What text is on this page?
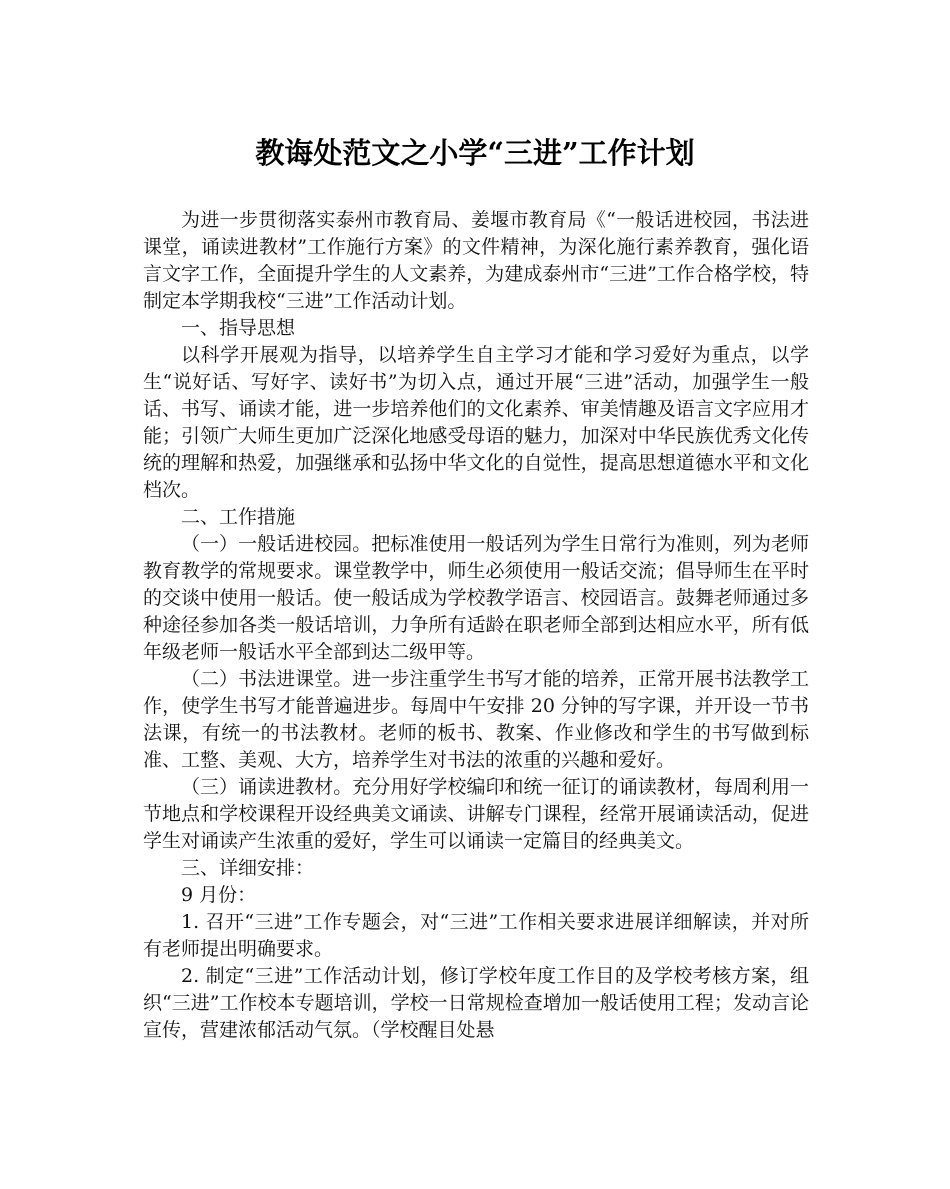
教诲处范文之小学“三进”工作计划

为进一步贯彻落实泰州市教育局、姜堰市教育局《“一般话进校园，书法进课堂，诵读进教材”工作施行方案》的文件精神，为深化施行素养教育，强化语言文字工作，全面提升学生的人文素养，为建成泰州市“三进”工作合格学校，特制定本学期我校“三进”工作活动计划。

一、指导思想

以科学开展观为指导，以培养学生自主学习才能和学习爱好为重点，以学生“说好话、写好字、读好书”为切入点，通过开展“三进”活动，加强学生一般话、书写、诵读才能，进一步培养他们的文化素养、审美情趣及语言文字应用才能；引领广大师生更加广泛深化地感受母语的魅力，加深对中华民族优秀文化传统的理解和热爱，加强继承和弘扬中华文化的自觉性，提高思想道德水平和文化档次。

二、工作措施

（一）一般话进校园。把标准使用一般话列为学生日常行为准则，列为老师教育教学的常规要求。课堂教学中，师生必须使用一般话交流；倡导师生在平时的交谈中使用一般话。使一般话成为学校教学语言、校园语言。鼓舞老师通过多种途径参加各类一般话培训，力争所有适龄在职老师全部到达相应水平，所有低年级老师一般话水平全部到达二级甲等。

（二）书法进课堂。进一步注重学生书写才能的培养，正常开展书法教学工作，使学生书写才能普遍进步。每周中午安排 20 分钟的写字课，并开设一节书法课，有统一的书法教材。老师的板书、教案、作业修改和学生的书写做到标准、工整、美观、大方，培养学生对书法的浓重的兴趣和爱好。

（三）诵读进教材。充分用好学校编印和统一征订的诵读教材，每周利用一节地点和学校课程开设经典美文诵读、讲解专门课程，经常开展诵读活动，促进学生对诵读产生浓重的爱好，学生可以诵读一定篇目的经典美文。

三、详细安排：

9 月份：

1. 召开“三进”工作专题会，对“三进”工作相关要求进展详细解读，并对所有老师提出明确要求。

2. 制定“三进”工作活动计划，修订学校年度工作目的及学校考核方案，组织“三进”工作校本专题培训，学校一日常规检查增加一般话使用工程；发动言论宣传，营建浓郁活动气氛。（学校醒目处悬
